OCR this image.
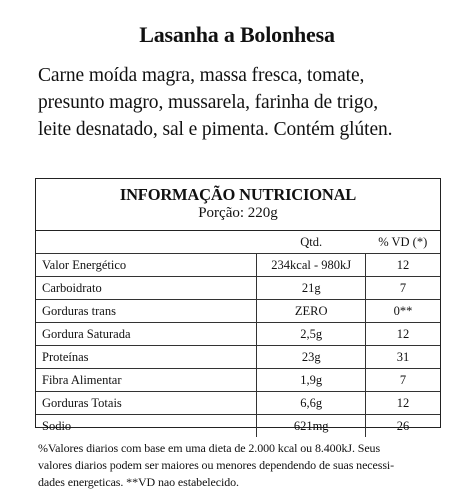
Lasanha a Bolonhesa
Carne moída magra, massa fresca, tomate,
presunto magro, mussarela, farinha de trigo,
leite desnatado, sal e pimenta. Contém glúten.
INFORMAÇÃO NUTRICIONAL
Porção: 220g
	Qtd.	% VD (*)
Valor Energético	234kcal - 980kJ	12
Carboidrato	21g	7
Gorduras trans	ZERO	0**
Gordura Saturada	2,5g	12
Proteínas	23g	31
Fibra Alimentar	1,9g	7
Gorduras Totais	6,6g	12
Sodio	621mg	26
%Valores diarios com base em uma dieta de 2.000 kcal ou 8.400kJ. Seus
valores diarios podem ser maiores ou menores dependendo de suas necessi-
dades energeticas. **VD nao estabelecido.
